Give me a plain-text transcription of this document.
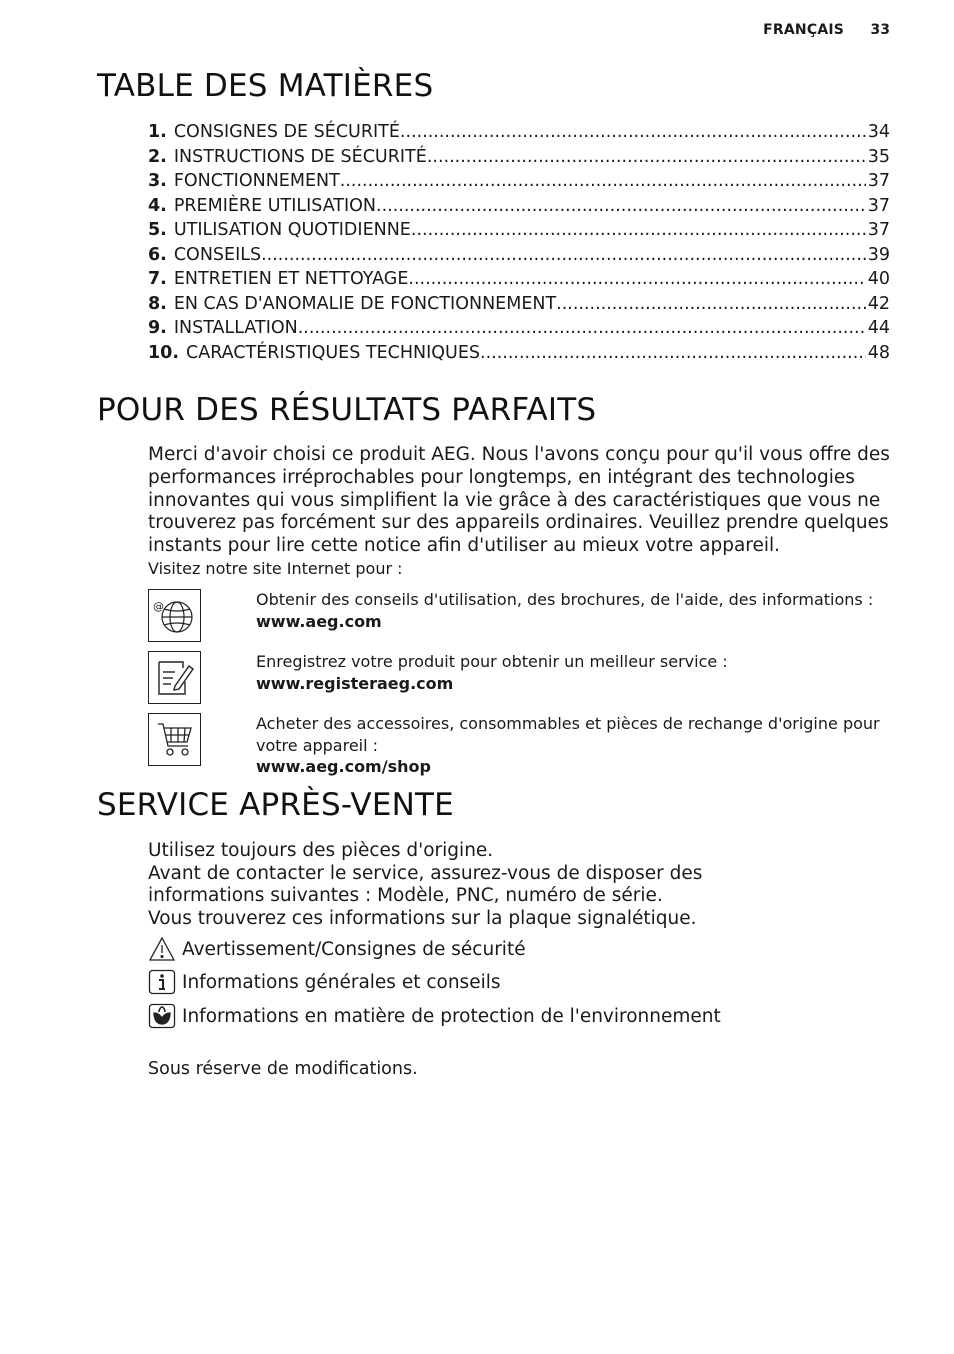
FRANÇAIS 33
TABLE DES MATIÈRES
1. CONSIGNES DE SÉCURITÉ .....	34
2. INSTRUCTIONS DE SÉCURITÉ .....	35
3. FONCTIONNEMENT .....	37
4. PREMIÈRE UTILISATION .....	37
5. UTILISATION QUOTIDIENNE .....	37
6. CONSEILS .....	39
7. ENTRETIEN ET NETTOYAGE .....	40
8. EN CAS D'ANOMALIE DE FONCTIONNEMENT .....	42
9. INSTALLATION .....	44
10. CARACTÉRISTIQUES TECHNIQUES .....	48
POUR DES RÉSULTATS PARFAITS

Merci d'avoir choisi ce produit AEG. Nous l'avons conçu pour qu'il vous offre des performances irréprochables pour longtemps, en intégrant des technologies innovantes qui vous simplifient la vie grâce à des caractéristiques que vous ne trouverez pas forcément sur des appareils ordinaires. Veuillez prendre quelques instants pour lire cette notice afin d'utiliser au mieux votre appareil.

Visitez notre site Internet pour :

@	Obtenir des conseils d'utilisation, des brochures, de l'aide, des informations :
www.aeg.com
Enregistrez votre produit pour obtenir un meilleur service :
www.registeraeg.com
Acheter des accessoires, consommables et pièces de rechange d'origine pour votre appareil :
www.aeg.com/shop
SERVICE APRÈS-VENTE
Utilisez toujours des pièces d'origine.
Avant de contacter le service, assurez-vous de disposer des informations suivantes : Modèle, PNC, numéro de série.
Vous trouverez ces informations sur la plaque signalétique.
Avertissement/Consignes de sécurité
Informations générales et conseils
Informations en matière de protection de l'environnement

Sous réserve de modifications.
